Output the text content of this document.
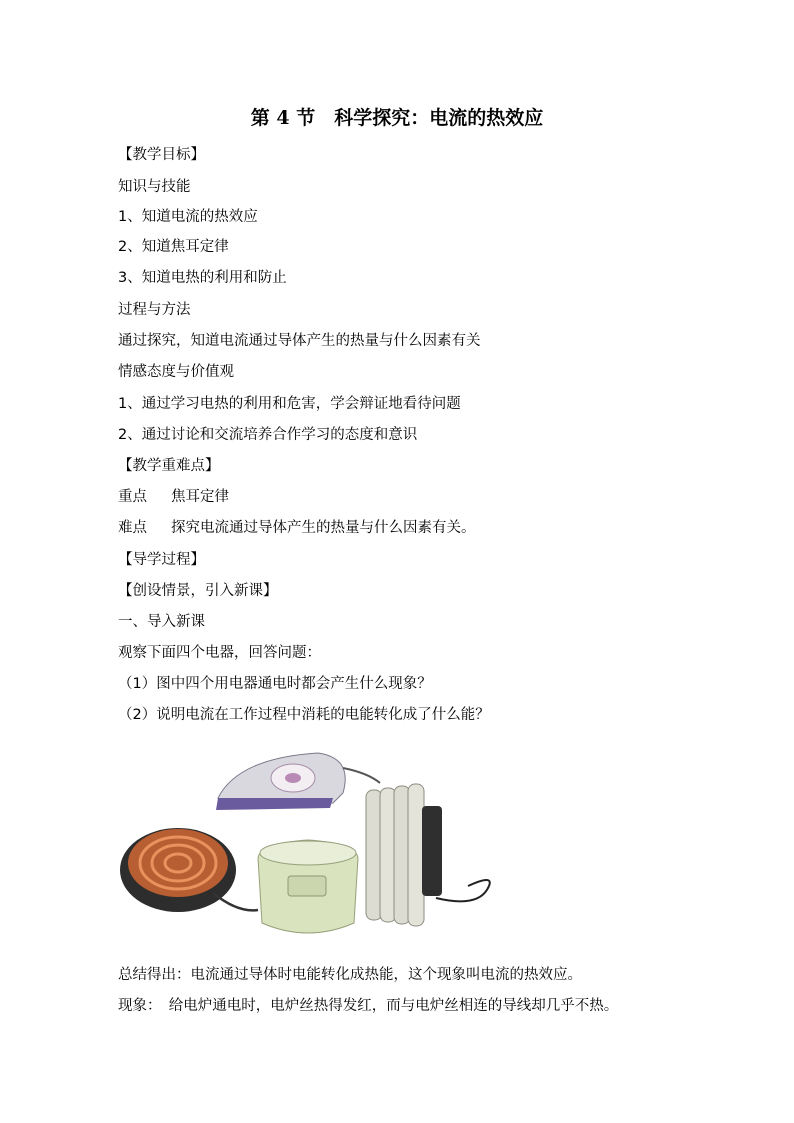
第 4 节　科学探究：电流的热效应
【教学目标】
知识与技能
1、知道电流的热效应
2、知道焦耳定律
3、知道电热的利用和防止
过程与方法
通过探究，知道电流通过导体产生的热量与什么因素有关
情感态度与价值观
1、通过学习电热的利用和危害，学会辩证地看待问题
2、通过讨论和交流培养合作学习的态度和意识
【教学重难点】
重点 焦耳定律
难点 探究电流通过导体产生的热量与什么因素有关。
【导学过程】
【创设情景，引入新课】
一、导入新课
观察下面四个电器，回答问题：
（1）图中四个用电器通电时都会产生什么现象？
（2）说明电流在工作过程中消耗的电能转化成了什么能？
总结得出：电流通过导体时电能转化成热能，这个现象叫电流的热效应。
现象：　给电炉通电时，电炉丝热得发红，而与电炉丝相连的导线却几乎不热。
